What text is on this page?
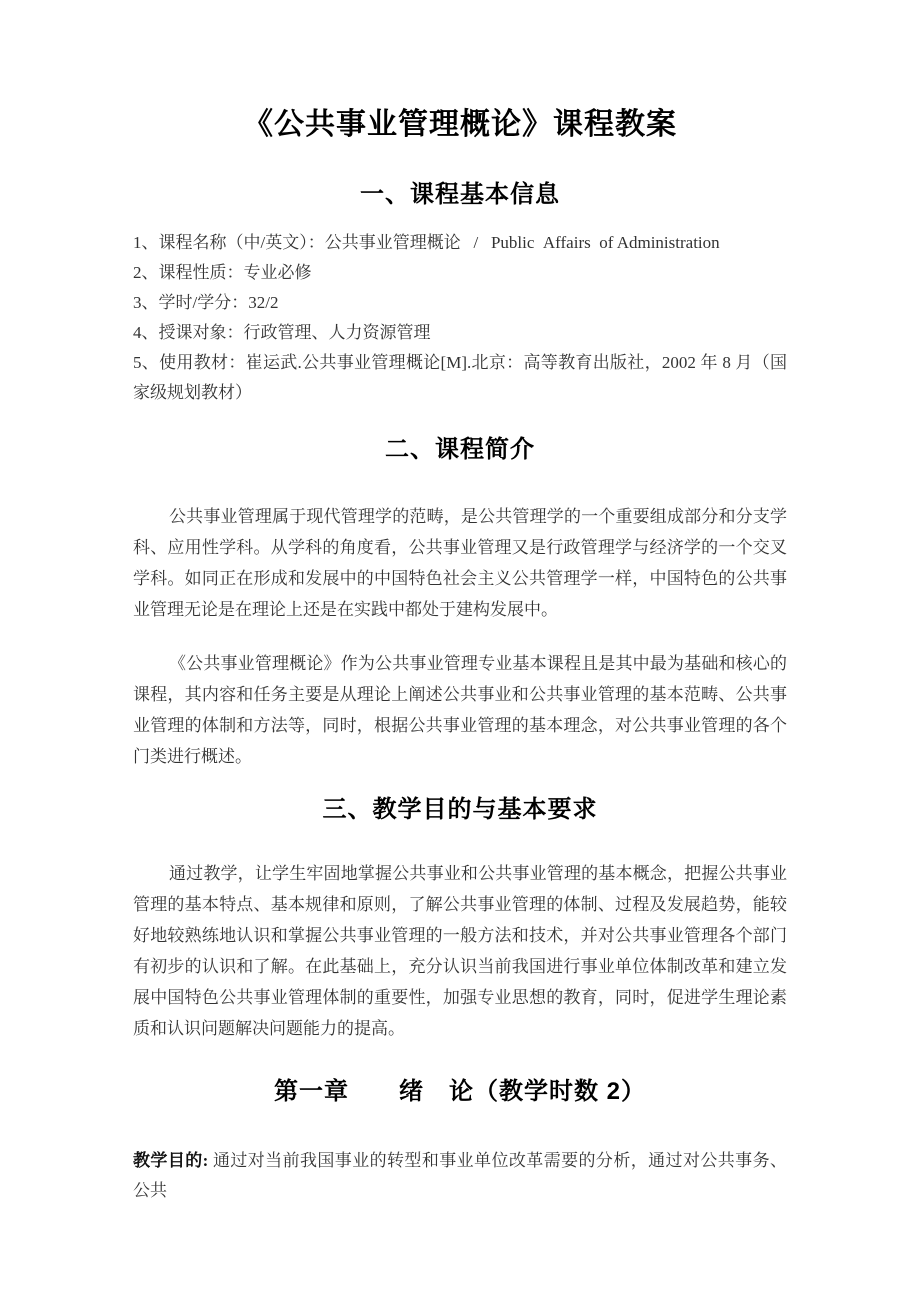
《公共事业管理概论》课程教案
一、课程基本信息

1、课程名称（中/英文）：公共事业管理概论  /  Public Affairs of Administration

2、课程性质：专业必修

3、学时/学分：32/2

4、授课对象：行政管理、人力资源管理

5、使用教材：崔运武.公共事业管理概论[M].北京：高等教育出版社，2002 年 8 月（国家级规划教材）

二、课程简介

公共事业管理属于现代管理学的范畴，是公共管理学的一个重要组成部分和分支学科、应用性学科。从学科的角度看，公共事业管理又是行政管理学与经济学的一个交叉学科。如同正在形成和发展中的中国特色社会主义公共管理学一样，中国特色的公共事业管理无论是在理论上还是在实践中都处于建构发展中。

《公共事业管理概论》作为公共事业管理专业基本课程且是其中最为基础和核心的课程，其内容和任务主要是从理论上阐述公共事业和公共事业管理的基本范畴、公共事业管理的体制和方法等，同时，根据公共事业管理的基本理念，对公共事业管理的各个门类进行概述。

三、教学目的与基本要求

通过教学，让学生牢固地掌握公共事业和公共事业管理的基本概念，把握公共事业管理的基本特点、基本规律和原则，了解公共事业管理的体制、过程及发展趋势，能较好地较熟练地认识和掌握公共事业管理的一般方法和技术，并对公共事业管理各个部门有初步的认识和了解。在此基础上，充分认识当前我国进行事业单位体制改革和建立发展中国特色公共事业管理体制的重要性，加强专业思想的教育，同时，促进学生理论素质和认识问题解决问题能力的提高。

第一章　　绪　论（教学时数 2）

教学目的: 通过对当前我国事业的转型和事业单位改革需要的分析，通过对公共事务、公共
